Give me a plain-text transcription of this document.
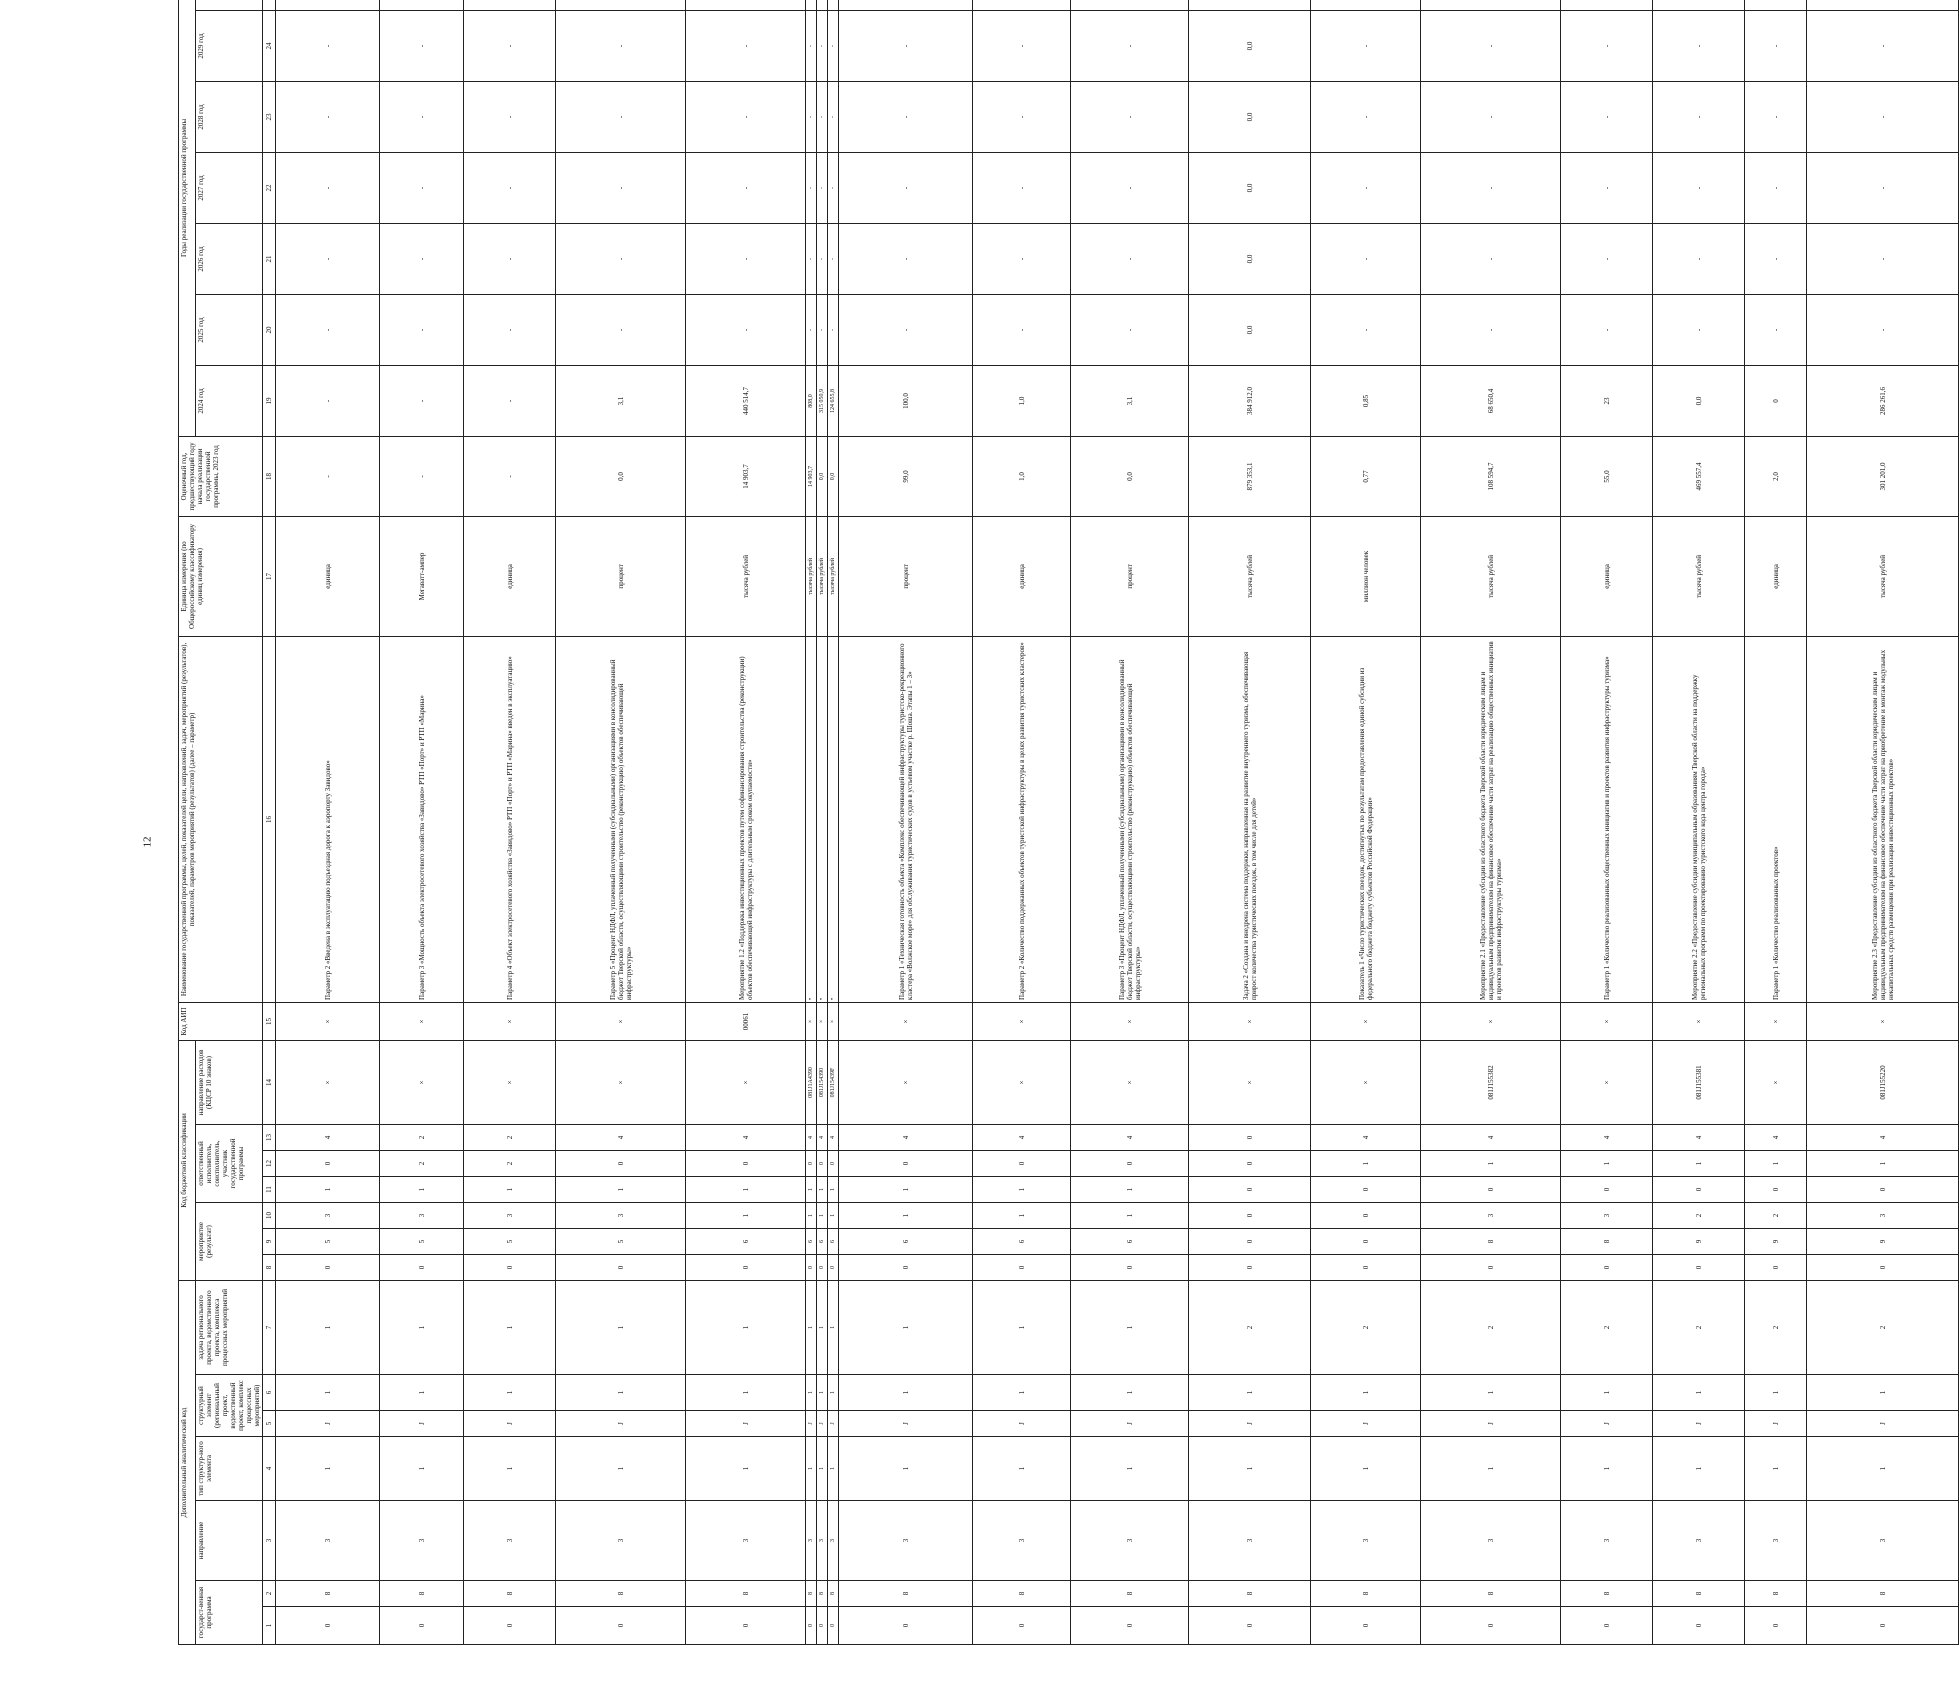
12
Дополнительный аналитический код							Код бюджетной классификации							Код АИП	Наименование государственной программы, целей, показателей цели, направлений, задач, мероприятий (результатов), показателей, параметров мероприятий (результатов) (далее – параметр)	Единица измерения (по Общероссийскому классификатору единиц измерения)	Оценочный год, предшествующий году начала реализации государственной программы, 2023 год	Годы реализации государственной программы						
государст-венная программа		направление	тип структур-ного элемента	структурный элемент (региональный проект, ведомственный проект, комплекс процессных мероприятий)		задача регионального проекта, ведомственного проекта, комплекса процессных мероприятий	мероприятие (результат)			ответственный исполнитель, соисполнитель, участник государственной программы			направление расходов (КЦСР 10 знаков)					2024 год	2025 год	2026 год	2027 год	2028 год	2029 год	

1	2	3	4	5	6	7	8	9	10	11	12	13	14	15	16	17	18	19	20	21	22	23	24	
0	8	3	1	J	1	1	0	5	3	1	0	4	×	×	Параметр 2 «Введена в эксплуатацию подъездная дорога к аэропорту Завидово»	единица	-	-	-	-	-	-	-	
0	8	3	1	J	1	1	0	5	3	1	2	2	×	×	Параметр 3 «Мощность объекта электросетевого хозяйства «Завидово» РТП «Порт» и РТП «Марина»	Мегаватт-ампер	-	-	-	-	-	-	-	
0	8	3	1	J	1	1	0	5	3	1	2	2	×	×	Параметр 4 «Объект электросетевого хозяйства «Завидово» РТП «Порт» и РТП «Марина» введен в эксплуатацию»	единица	-	-	-	-	-	-	-	
0	8	3	1	J	1	1	0	5	3	1	0	4	×	×	Параметр 5 «Процент НДФЛ, уплаченный полученными (субсидиальными) организациями в консолидированный бюджет Тверской области, осуществляющими строительство (реконструкцию) объектов обеспечивающей инфраструктуры»	процент	0,0	3,1	-	-	-	-	-	
0	8	3	1	J	1	1	0	6	1	1	0	4	×	00061	Мероприятие 1.2 «Поддержка инвестиционных проектов путем софинансирования строительства (реконструкции) объектов обеспечивающей инфраструктуры с длительным сроком окупаемости»	тысяча рублей	14 903,7	440 514,7	-	-	-	-	-	
0	8	3	1	J	1	1	0	6	1	1	0	4	081J1A4390	×	•	тысяча рублей	14 903,7	808,0	-	-	-	-	-	
0	8	3	1	J	1	1	0	6	1	1	0	4	081J154390	×	•	тысяча рублей	0,0	315 050,9	-	-	-	-	-	
0	8	3	1	J	1	1	0	6	1	1	0	4	081J15439F	×	•	тысяча рублей	0,0	124 655,8	-	-	-	-	-	
0	8	3	1	J	1	1	0	6	1	1	0	4	×	×	Параметр 1 «Техническая готовность объекта «Комплекс обеспечивающей инфраструктуры туристско-рекреационного кластера «Волжское море» для обслуживания туристических судов в устьевом участке р. Шоша. Этапы 1 – 3»	процент	99,0	100,0	-	-	-	-	-	
0	8	3	1	J	1	1	0	6	1	1	0	4	×	×	Параметр 2 «Количество поддержанных объектов туристской инфраструктуры в целях развития туристских кластеров»	единица	1,0	1,0	-	-	-	-	-	
0	8	3	1	J	1	1	0	6	1	1	0	4	×	×	Параметр 3 «Процент НДФЛ, уплаченный полученными (субсидиальными) организациями в консолидированный бюджет Тверской области, осуществляющими строительство (реконструкцию) объектов обеспечивающей инфраструктуры»	процент	0,0	3,1	-	-	-	-	-	
0	8	3	1	J	1	2	0	0	0	0	0	0	×	×	Задача 2 «Создана и внедрена система поддержки, направленная на развитие внутреннего туризма, обеспечивающая прирост количества туристических поездок, в том числе для детей»	тысяча рублей	879 353,1	384 912,0	0,0	0,0	0,0	0,0	0,0	
0	8	3	1	J	1	2	0	0	0	0	1	4	×	×	Показатель 1 «Число туристических поездок, достигнутых по результатам предоставления единой субсидии из федерального бюджета бюджету субъектов Российской Федерации»	миллион человек	0,77	0,85	-	-	-	-	-	
0	8	3	1	J	1	2	0	8	3	0	1	4	081J155382	×	Мероприятие 2.1 «Предоставление субсидии из областного бюджета Тверской области юридическим лицам и индивидуальным предпринимателям на финансовое обеспечение части затрат на реализацию общественных инициатив и проектов развития инфраструктуры туризма»	тысяча рублей	108 594,7	68 650,4	-	-	-	-	-	
0	8	3	1	J	1	2	0	8	3	0	1	4	×	×	Параметр 1 «Количество реализованных общественных инициатив и проектов развития инфраструктуры туризма»	единица	55,0	23	-	-	-	-	-	
0	8	3	1	J	1	2	0	9	2	0	1	4	081J155381	×	Мероприятие 2.2 «Предоставление субсидии муниципальным образованиям Тверской области на поддержку региональных программ по проектированию туристского кода центра города»	тысяча рублей	469 557,4	0,0	-	-	-	-	-	
0	8	3	1	J	1	2	0	9	2	0	1	4	×	×	Параметр 1 «Количество реализованных проектов»	единица	2,0	0	-	-	-	-	-	
0	8	3	1	J	1	2	0	9	3	0	1	4	081J155220	×	Мероприятие 2.3 «Предоставление субсидии из областного бюджета Тверской области юридическим лицам и индивидуальным предпринимателям на финансовое обеспечение части затрат на приобретение и монтаж модульных некапитальных средств размещения при реализации инвестиционных проектов»	тысяча рублей	301 201,0	286 261,6	-	-	-	-	-	
